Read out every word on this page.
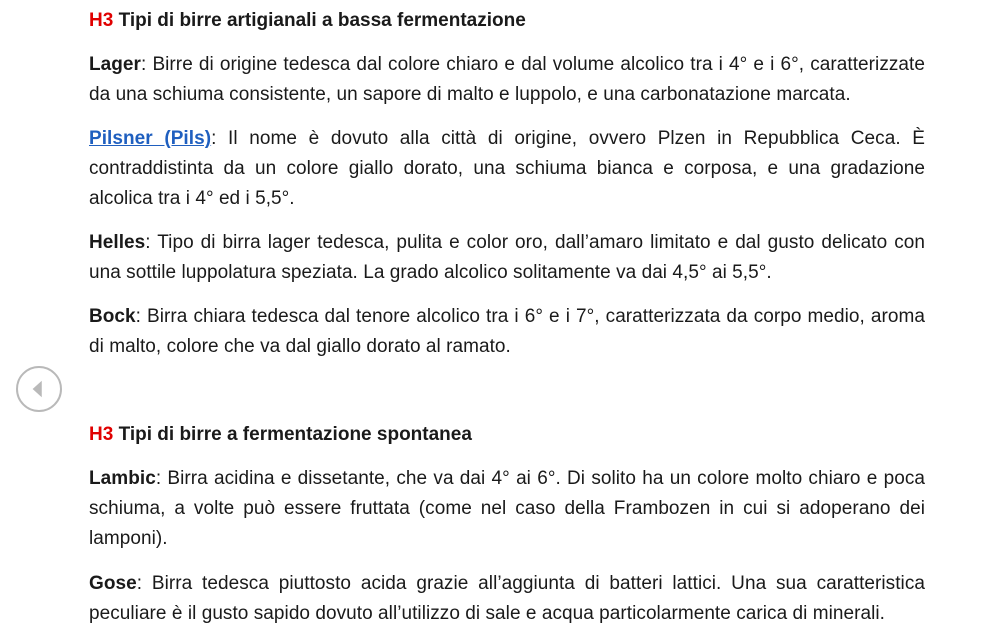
H3 Tipi di birre artigianali a bassa fermentazione
Lager: Birre di origine tedesca dal colore chiaro e dal volume alcolico tra i 4° e i 6°, caratterizzate da una schiuma consistente, un sapore di malto e luppolo, e una carbonatazione marcata.
Pilsner (Pils): Il nome è dovuto alla città di origine, ovvero Plzen in Repubblica Ceca. È contraddistinta da un colore giallo dorato, una schiuma bianca e corposa, e una gradazione alcolica tra i 4° ed i 5,5°.
Helles: Tipo di birra lager tedesca, pulita e color oro, dall’amaro limitato e dal gusto delicato con una sottile luppolatura speziata. La grado alcolico solitamente va dai 4,5° ai 5,5°.
Bock: Birra chiara tedesca dal tenore alcolico tra i 6° e i 7°, caratterizzata da corpo medio, aroma di malto, colore che va dal giallo dorato al ramato.
H3 Tipi di birre a fermentazione spontanea
Lambic: Birra acidina e dissetante, che va dai 4° ai 6°. Di solito ha un colore molto chiaro e poca schiuma, a volte può essere fruttata (come nel caso della Frambozen in cui si adoperano dei lamponi).
Gose: Birra tedesca piuttosto acida grazie all’aggiunta di batteri lattici. Una sua caratteristica peculiare è il gusto sapido dovuto all’utilizzo di sale e acqua particolarmente carica di minerali.
